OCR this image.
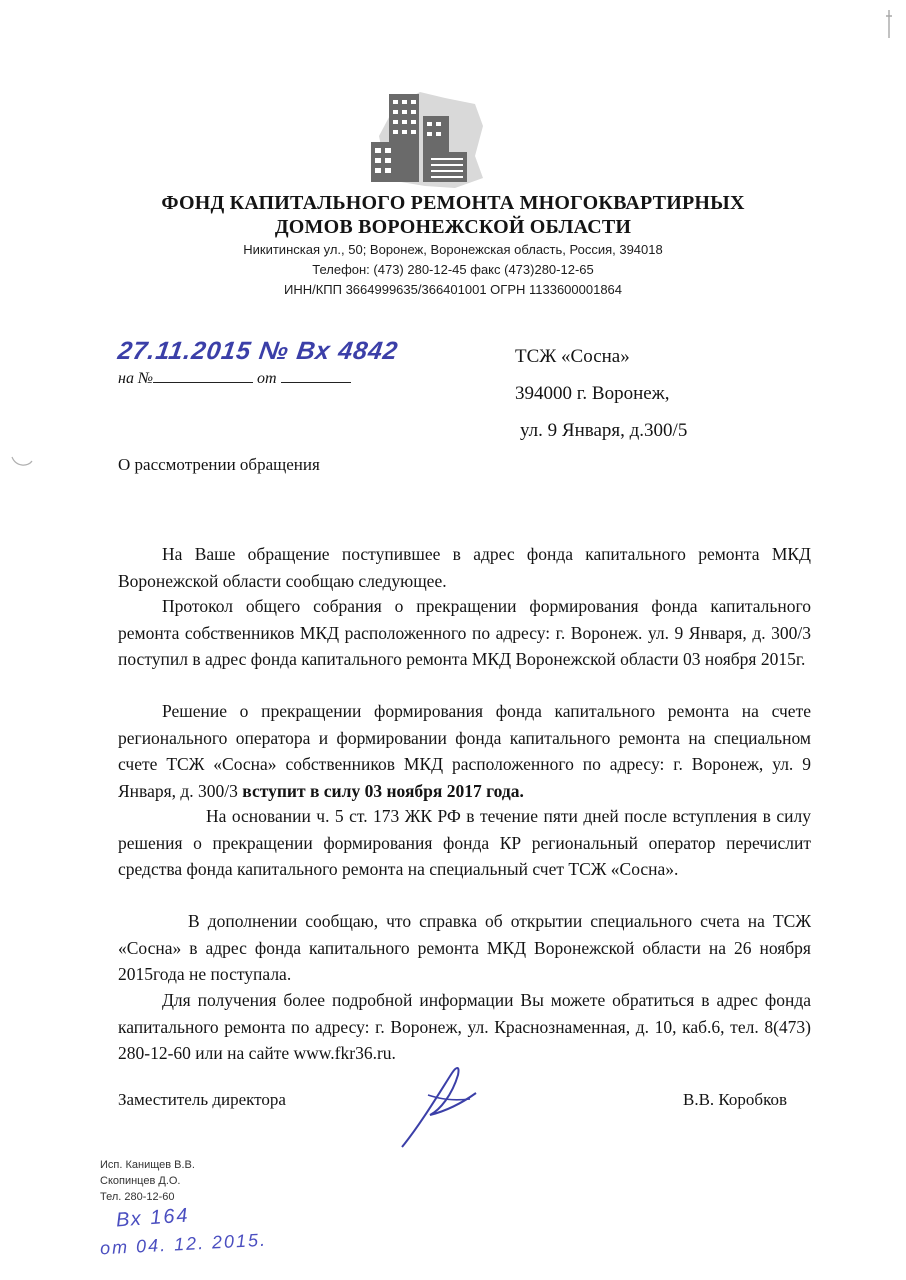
ФОНД КАПИТАЛЬНОГО РЕМОНТА МНОГОКВАРТИРНЫХ
ДОМОВ ВОРОНЕЖСКОЙ ОБЛАСТИ
Никитинская ул., 50; Воронеж, Воронежская область, Россия, 394018
Телефон: (473) 280-12-45 факс (473)280-12-65
ИНН/КПП 3664999635/366401001 ОГРН 1133600001864
27.11.2015 № Вх 4842
на №	от
ТСЖ «Сосна»
394000 г. Воронеж,
ул. 9 Января, д.300/5
О рассмотрении обращения

На Ваше обращение поступившее в адрес фонда капитального ремонта МКД Воронежской области сообщаю следующее.

Протокол общего собрания о прекращении формирования фонда капитального ремонта собственников МКД расположенного по адресу: г. Воронеж. ул. 9 Января, д. 300/3 поступил в адрес фонда капитального ремонта МКД Воронежской области 03 ноября 2015г.

Решение о прекращении формирования фонда капитального ремонта на счете регионального оператора и формировании фонда капитального ремонта на специальном счете ТСЖ «Сосна» собственников МКД расположенного по адресу: г. Воронеж, ул. 9 Января, д. 300/3 вступит в силу 03 ноября 2017 года.

На основании ч. 5 ст. 173 ЖК РФ в течение пяти дней после вступления в силу решения о прекращении формирования фонда КР региональный оператор перечислит средства фонда капитального ремонта на специальный счет ТСЖ «Сосна».

В дополнении сообщаю, что справка об открытии специального счета на ТСЖ «Сосна» в адрес фонда капитального ремонта МКД Воронежской области на 26 ноября 2015года не поступала.

Для получения более подробной информации Вы можете обратиться в адрес фонда капитального ремонта по адресу: г. Воронеж, ул. Краснознаменная, д. 10, каб.6, тел. 8(473) 280-12-60 или на сайте www.fkr36.ru.

Заместитель директора	В.В. Коробков
Исп. Канищев В.В.
Скопинцев Д.О.
Тел. 280-12-60
Вх 164
от 04. 12. 2015.
